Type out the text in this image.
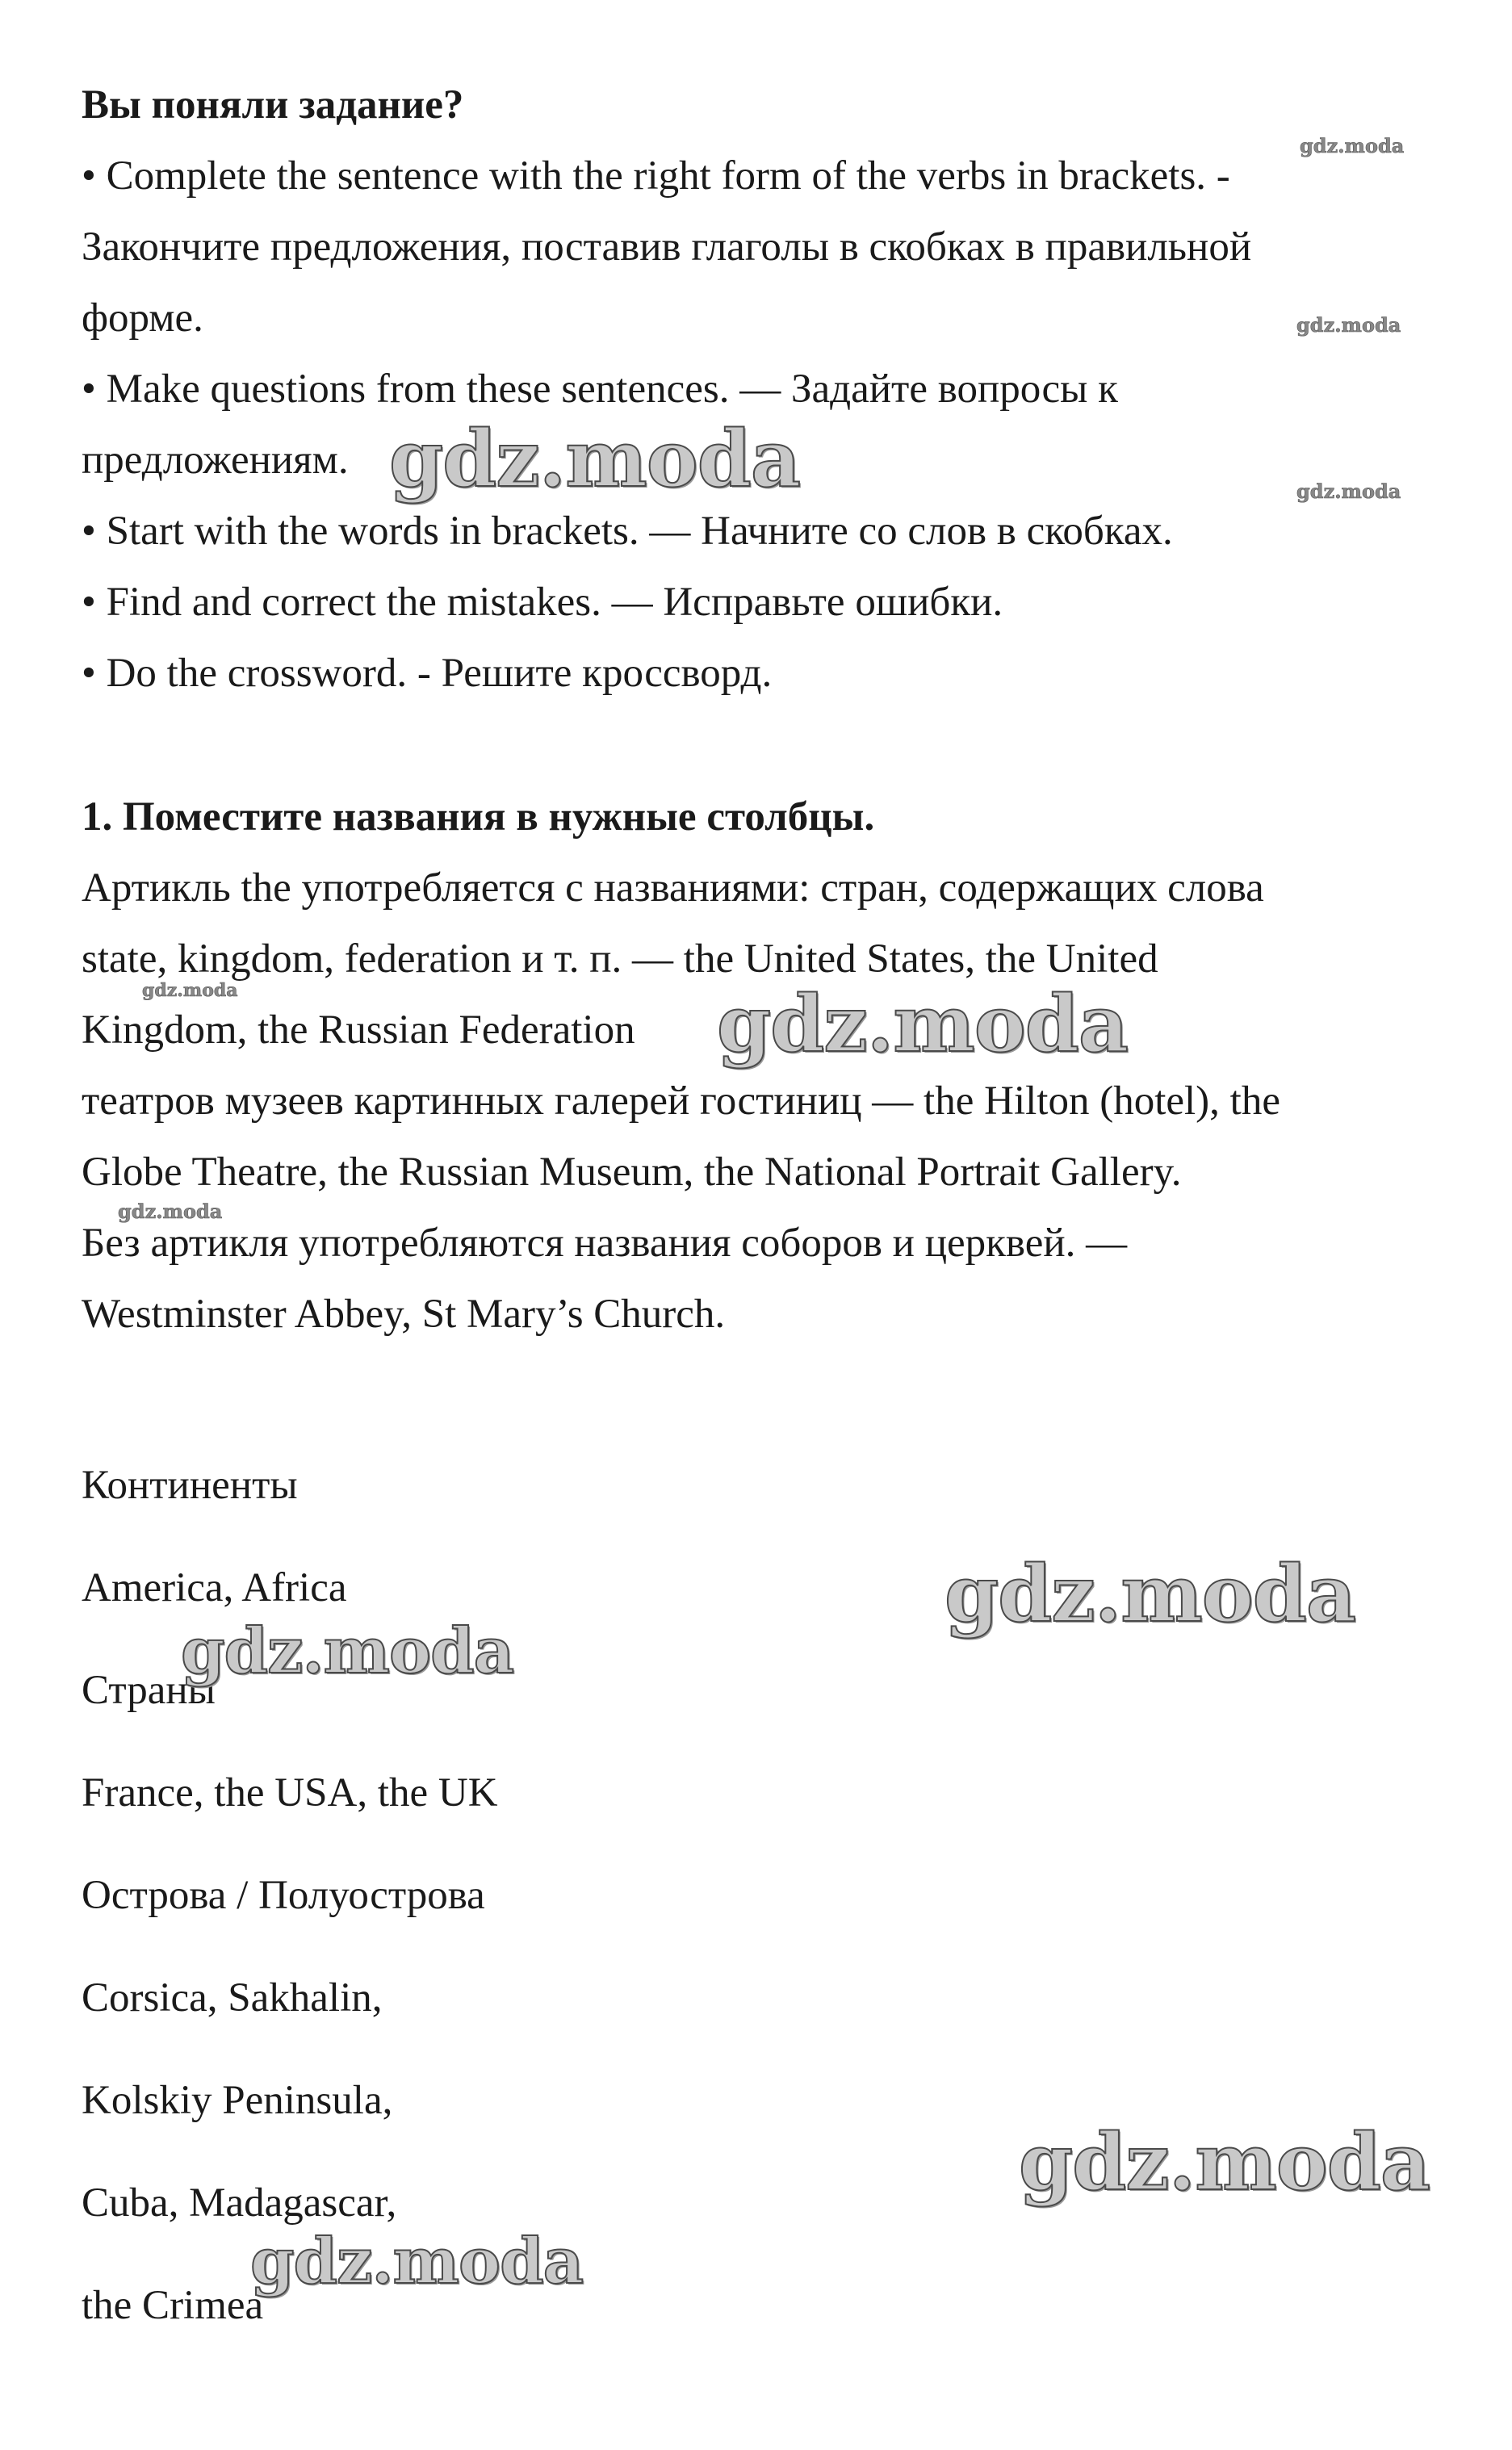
Вы поняли задание?

• Complete the sentence with the right form of the verbs in brackets. -

Закончите предложения, поставив глаголы в скобках в правильной

форме.

• Make questions from these sentences. — Задайте вопросы к

предложениям.

• Start with the words in brackets. — Начните со слов в скобках.

• Find and correct the mistakes. — Исправьте ошибки.

• Do the crossword. - Решите кроссворд.

1. Поместите названия в нужные столбцы.

Артикль the употребляется с названиями: стран, содержащих слова

state, kingdom, federation и т. п. — the United States, the United

Kingdom, the Russian Federation

театров музеев картинных галерей гостиниц — the Hilton (hotel), the

Globe Theatre, the Russian Museum, the National Portrait Gallery.

Без артикля употребляются названия соборов и церквей. —

Westminster Abbey, St Mary’s Church.

Континенты

America, Africa

Страны

France, the USA, the UK

Острова / Полуострова

Corsica, Sakhalin,

Kolskiy Peninsula,

Cuba, Madagascar,

the Crimea

gdz.moda
gdz.moda
gdz.moda
gdz.moda
gdz.moda
gdz.moda
gdz.moda
gdz.moda
gdz.moda
gdz.moda
gdz.moda
